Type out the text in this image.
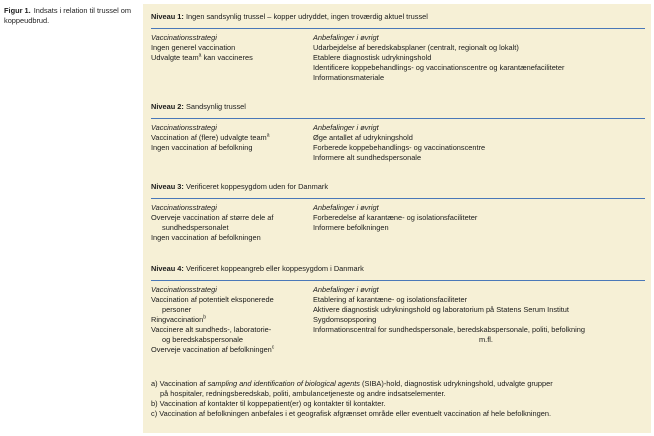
Figur 1. Indsats i relation til trussel om koppeudbrud.	Niveau 1: Ingen sandsynlig trussel – kopper udryddet, ingen troværdig aktuel trussel
Vaccinationsstrategi
Ingen generel vaccination
Udvalgte team$^a$ kan vaccineres
Anbefalinger i øvrigt
Udarbejdelse af beredskabsplaner (centralt, regionalt og lokalt)
Etablere diagnostisk udrykningshold
Identificere koppebehandlings- og vaccinationscentre og karantænefaciliteter
Informationsmateriale
Niveau 2: Sandsynlig trussel
Vaccinationsstrategi
Vaccination af (flere) udvalgte team$^a$
Ingen vaccination af befolkning
Anbefalinger i øvrigt
Øge antallet af udrykningshold
Forberede koppebehandlings- og vaccinationscentre
Informere alt sundhedspersonale
Niveau 3: Verificeret koppesygdom uden for Danmark
Vaccinationsstrategi
Overveje vaccination af større dele af
sundhedspersonalet
Ingen vaccination af befolkningen
Anbefalinger i øvrigt
Forberedelse af karantæne- og isolationsfaciliteter
Informere befolkningen
Niveau 4: Verificeret koppeangreb eller koppesygdom i Danmark
Vaccinationsstrategi
Vaccination af potentielt eksponerede
personer
Ringvaccination$^b$
Vaccinere alt sundheds-, laboratorie-
og beredskabspersonale
Overveje vaccination af befolkningen$^c$
Anbefalinger i øvrigt
Etablering af karantæne- og isolationsfaciliteter
Aktivere diagnostisk udrykningshold og laboratorium på Statens Serum Institut
Sygdomsopsporing
Informationscentral for sundhedspersonale, beredskabspersonale, politi, befolkning
m.fl.
a) Vaccination af sampling and identification of biological agents (SIBA)-hold, diagnostisk udrykningshold, udvalgte grupper
på hospitaler, redningsberedskab, politi, ambulancetjeneste og andre indsatselementer.
b) Vaccination af kontakter til koppepatient(er) og kontakter til kontakter.
c) Vaccination af befolkningen anbefales i et geografisk afgrænset område eller eventuelt vaccination af hele befolkningen.
